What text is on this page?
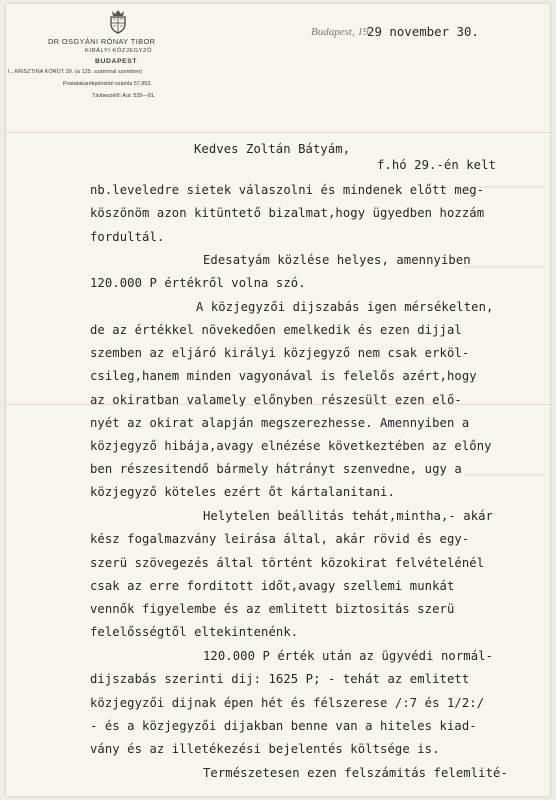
DR OSGYÁNI RÓNAY TIBOR
KIRÁLYI KÖZJEGYZŐ
BUDAPEST
I., KRISZTINA KÖRÚT 30. (a 125. számmal szemben)
Postatakarékpénztári számla 57.953.
Távbeszélő: Aut. 535—91.
Budapest, 19
29 november 30.
Kedves Zoltán Bátyám,
f.hó 29.-én kelt
nb.leveledre sietek válaszolni és mindenek előtt meg-
köszönöm azon kitüntető bizalmat,hogy ügyedben hozzám
fordultál.
Edesatyám közlése helyes, amennyiben
120.000 P értékről volna szó.
A közjegyzői dijszabás igen mérsékelten,
de az értékkel növekedően emelkedik és ezen dijjal
szemben az eljáró királyi közjegyző nem csak erköl-
csileg,hanem minden vagyonával is felelős azért,hogy
az okiratban valamely előnyben részesült ezen elő-
nyét az okirat alapján megszerezhesse. Amennyiben a
közjegyző hibája,avagy elnézése következtében az előny
ben részesitendő bármely hátrányt szenvedne, ugy a
közjegyző köteles ezért őt kártalanitani.
Helytelen beállitás tehát,mintha,- akár
kész fogalmazvány leirása által, akár rövid és egy-
szerü szövegezés által történt közokirat felvételénél
csak az erre forditott időt,avagy szellemi munkát
vennők figyelembe és az emlitett biztositás szerü
felelősségtől eltekintenénk.
120.000 P érték után az ügyvédi normál-
dijszabás szerinti dij: 1625 P; - tehát az emlitett
közjegyzői dijnak épen hét és félszerese /:7 és 1/2:/
- és a közjegyzői dijakban benne van a hiteles kiad-
vány és az illetékezési bejelentés költsége is.
Természetesen ezen felszámitás felemlité-
